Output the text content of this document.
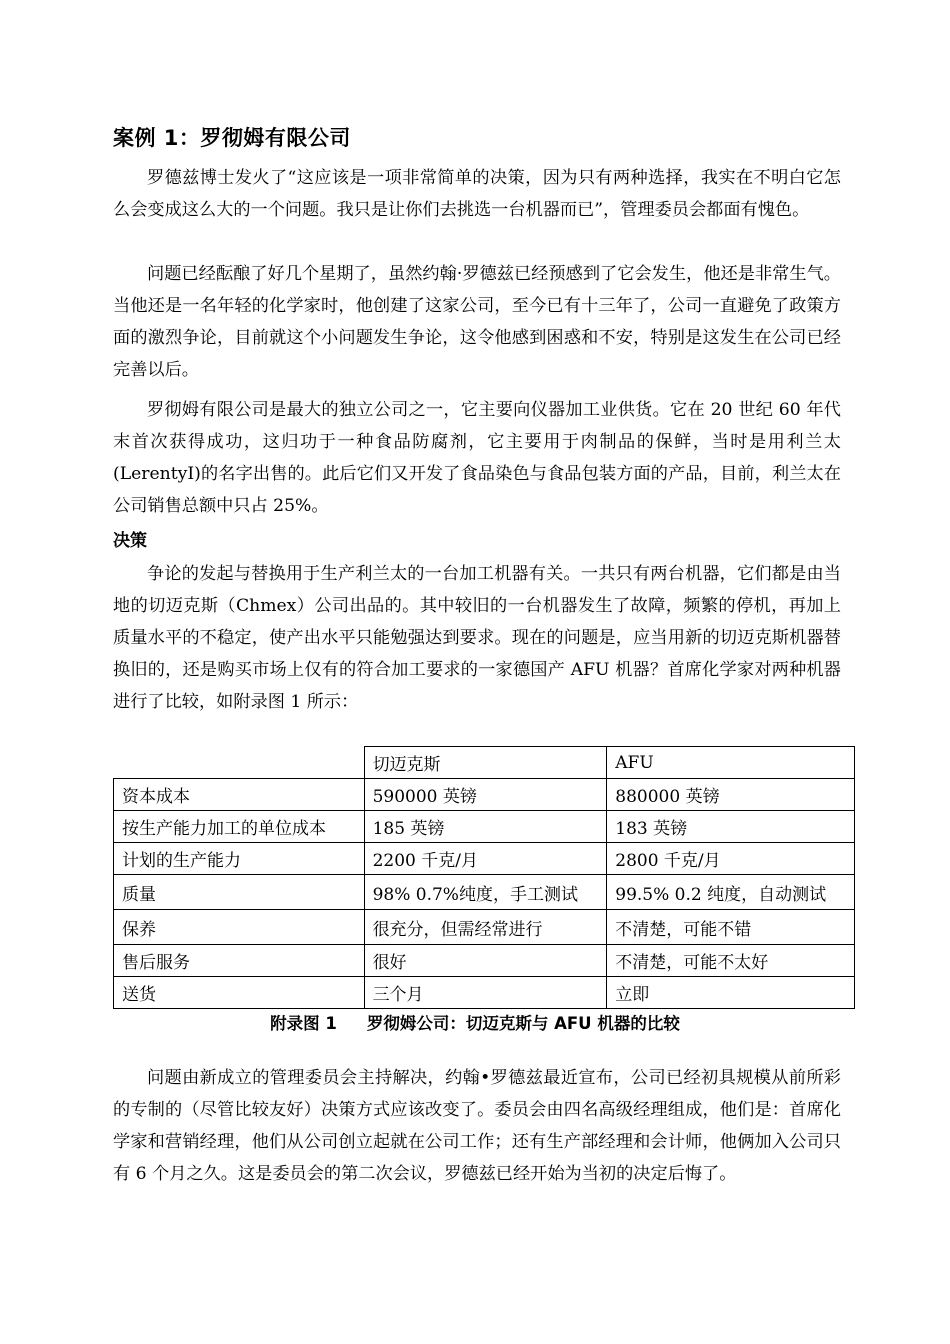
案例 1：罗彻姆有限公司

罗德兹博士发火了“这应该是一项非常简单的决策，因为只有两种选择，我实在不明白它怎么会变成这么大的一个问题。我只是让你们去挑选一台机器而已”，管理委员会都面有愧色。

问题已经酝酿了好几个星期了，虽然约翰·罗德兹已经预感到了它会发生，他还是非常生气。当他还是一名年轻的化学家时，他创建了这家公司，至今已有十三年了，公司一直避免了政策方面的激烈争论，目前就这个小问题发生争论，这令他感到困惑和不安，特别是这发生在公司已经完善以后。

罗彻姆有限公司是最大的独立公司之一，它主要向仪器加工业供货。它在 20 世纪 60 年代末首次获得成功，这归功于一种食品防腐剂，它主要用于肉制品的保鲜，当时是用利兰太(LerentyI)的名字出售的。此后它们又开发了食品染色与食品包装方面的产品，目前，利兰太在公司销售总额中只占 25%。

决策

争论的发起与替换用于生产利兰太的一台加工机器有关。一共只有两台机器，它们都是由当地的切迈克斯（Chmex）公司出品的。其中较旧的一台机器发生了故障，频繁的停机，再加上质量水平的不稳定，使产出水平只能勉强达到要求。现在的问题是，应当用新的切迈克斯机器替换旧的，还是购买市场上仅有的符合加工要求的一家德国产 AFU 机器？首席化学家对两种机器进行了比较，如附录图 1 所示：

	切迈克斯	AFU
资本成本	590000 英镑	880000 英镑
按生产能力加工的单位成本	185 英镑	183 英镑
计划的生产能力	2200 千克/月	2800 千克/月
质量	98% 0.7%纯度，手工测试	99.5% 0.2 纯度，自动测试
保养	很充分，但需经常进行	不清楚，可能不错
售后服务	很好	不清楚，可能不太好
送货	三个月	立即
附录图 1 罗彻姆公司：切迈克斯与 AFU 机器的比较

问题由新成立的管理委员会主持解决，约翰•罗德兹最近宣布，公司已经初具规模从前所彩的专制的（尽管比较友好）决策方式应该改变了。委员会由四名高级经理组成，他们是：首席化学家和营销经理，他们从公司创立起就在公司工作；还有生产部经理和会计师，他俩加入公司只有 6 个月之久。这是委员会的第二次会议，罗德兹已经开始为当初的决定后悔了。
